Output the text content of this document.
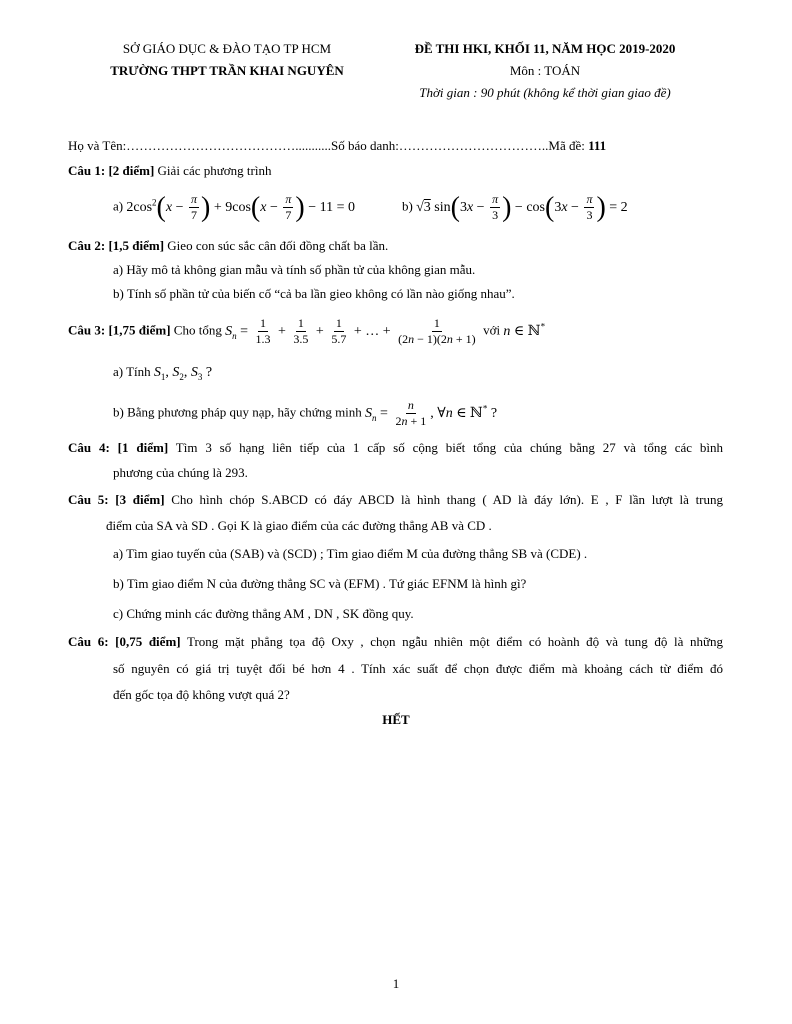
SỞ GIÁO DỤC & ĐÀO TẠO TP HCM
TRƯỜNG THPT TRẦN KHAI NGUYÊN
ĐỀ THI HKI, KHỐI 11, NĂM HỌC 2019-2020
Môn : TOÁN
Thời gian : 90 phút (không kể thời gian giao đề)
Họ và Tên:…………………………………...........Số báo danh:……………………………..Mã đề: 111
Câu 1: [2 điểm] Giải các phương trình
a) $2\cos^2(x - \frac{\pi}{7}$ ) + $9\cos(x - \frac{\pi}{7}$ ) − 11 = 0	b) √3 $\sin(3x - \frac{\pi}{3}$ ) − $\cos(3x - \frac{\pi}{3}$ ) = 2
Câu 2: [1,5 điểm] Gieo con súc sắc cân đối đồng chất ba lần.
a) Hãy mô tả không gian mẫu và tính số phần tử của không gian mẫu.
b) Tính số phần tử của biến cố “cả ba lần gieo không có lần nào giống nhau”.
Câu 3: [1,75 điểm] Cho tổng $S_n = \frac{1}{1.3} + \frac{1}{3.5} + \frac{1}{5.7}$ + … + $\frac{1}{(2n - 1)(2n + 1)}$ với n ∈ ℕ*
a) Tính $S_1$, $S_2$, $S_3$ ?
b) Bằng phương pháp quy nạp, hãy chứng minh $S_n = \frac{n}{2n + 1}$ , ∀n ∈ ℕ* ?
Câu 4: [1 điểm] Tìm 3 số hạng liên tiếp của 1 cấp số cộng biết tổng của chúng bằng 27 và tổng các bình
phương của chúng là 293.
Câu 5: [3 điểm] Cho hình chóp S.ABCD có đáy ABCD là hình thang ( AD là đáy lớn). E , F lần lượt là trung
điểm của SA và SD . Gọi K là giao điểm của các đường thẳng AB và CD .
a) Tìm giao tuyến của (SAB) và (SCD) ; Tìm giao điểm M của đường thẳng SB và (CDE) .
b) Tìm giao điểm N của đường thẳng SC và (EFM) . Tứ giác EFNM là hình gì?
c) Chứng minh các đường thẳng AM , DN , SK đồng quy.
Câu 6: [0,75 điểm] Trong mặt phẳng tọa độ Oxy , chọn ngẫu nhiên một điểm có hoành độ và tung độ là những
số nguyên có giá trị tuyệt đối bé hơn 4 . Tính xác suất để chọn được điểm mà khoảng cách từ điểm đó
đến gốc tọa độ không vượt quá 2?
HẾT
1
